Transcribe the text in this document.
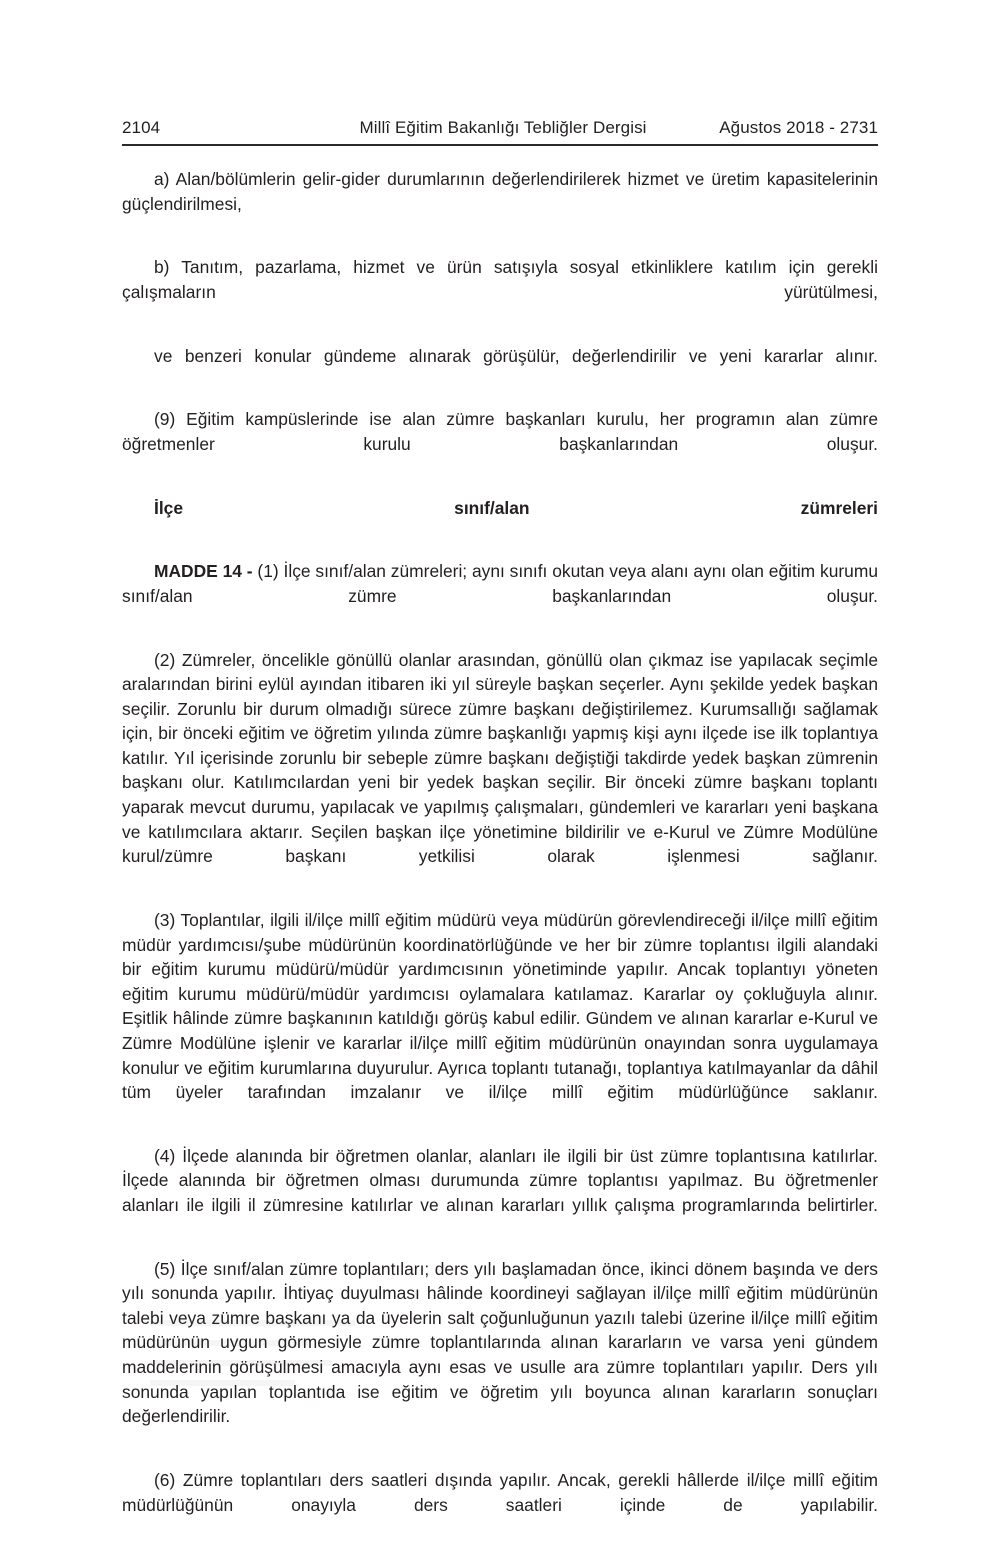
2104	Millî Eğitim Bakanlığı Tebliğler Dergisi	Ağustos 2018 - 2731

a) Alan/bölümlerin gelir-gider durumlarının değerlendirilerek hizmet ve üretim kapasitelerinin güçlendirilmesi,

b) Tanıtım, pazarlama, hizmet ve ürün satışıyla sosyal etkinliklere katılım için gerekli çalışmaların yürütülmesi,

ve benzeri konular gündeme alınarak görüşülür, değerlendirilir ve yeni kararlar alınır.

(9) Eğitim kampüslerinde ise alan zümre başkanları kurulu, her programın alan zümre öğretmenler kurulu başkanlarından oluşur.

İlçe sınıf/alan zümreleri

MADDE 14 - (1) İlçe sınıf/alan zümreleri; aynı sınıfı okutan veya alanı aynı olan eğitim kurumu sınıf/alan zümre başkanlarından oluşur.

(2) Zümreler, öncelikle gönüllü olanlar arasından, gönüllü olan çıkmaz ise yapılacak seçimle aralarından birini eylül ayından itibaren iki yıl süreyle başkan seçerler. Aynı şekilde yedek başkan seçilir. Zorunlu bir durum olmadığı sürece zümre başkanı değiştirilemez. Kurumsallığı sağlamak için, bir önceki eğitim ve öğretim yılında zümre başkanlığı yapmış kişi aynı ilçede ise ilk toplantıya katılır. Yıl içerisinde zorunlu bir sebeple zümre başkanı değiştiği takdirde yedek başkan zümrenin başkanı olur. Katılımcılardan yeni bir yedek başkan seçilir. Bir önceki zümre başkanı toplantı yaparak mevcut durumu, yapılacak ve yapılmış çalışmaları, gündemleri ve kararları yeni başkana ve katılımcılara aktarır. Seçilen başkan ilçe yönetimine bildirilir ve e-Kurul ve Zümre Modülüne kurul/zümre başkanı yetkilisi olarak işlenmesi sağlanır.

(3) Toplantılar, ilgili il/ilçe millî eğitim müdürü veya müdürün görevlendireceği il/ilçe millî eğitim müdür yardımcısı/şube müdürünün koordinatörlüğünde ve her bir zümre toplantısı ilgili alandaki bir eğitim kurumu müdürü/müdür yardımcısının yönetiminde yapılır. Ancak toplantıyı yöneten eğitim kurumu müdürü/müdür yardımcısı oylamalara katılamaz. Kararlar oy çokluğuyla alınır. Eşitlik hâlinde zümre başkanının katıldığı görüş kabul edilir. Gündem ve alınan kararlar e-Kurul ve Zümre Modülüne işlenir ve kararlar il/ilçe millî eğitim müdürünün onayından sonra uygulamaya konulur ve eğitim kurumlarına duyurulur. Ayrıca toplantı tutanağı, toplantıya katılmayanlar da dâhil tüm üyeler tarafından imzalanır ve il/ilçe millî eğitim müdürlüğünce saklanır.

(4) İlçede alanında bir öğretmen olanlar, alanları ile ilgili bir üst zümre toplantısına katılırlar. İlçede alanında bir öğretmen olması durumunda zümre toplantısı yapılmaz. Bu öğretmenler alanları ile ilgili il zümresine katılırlar ve alınan kararları yıllık çalışma programlarında belirtirler.

(5) İlçe sınıf/alan zümre toplantıları; ders yılı başlamadan önce, ikinci dönem başında ve ders yılı sonunda yapılır. İhtiyaç duyulması hâlinde koordineyi sağlayan il/ilçe millî eğitim müdürünün talebi veya zümre başkanı ya da üyelerin salt çoğunluğunun yazılı talebi üzerine il/ilçe millî eğitim müdürünün uygun görmesiyle zümre toplantılarında alınan kararların ve varsa yeni gündem maddelerinin görüşülmesi amacıyla aynı esas ve usulle ara zümre toplantıları yapılır. Ders yılı sonunda yapılan toplantıda ise eğitim ve öğretim yılı boyunca alınan kararların sonuçları değerlendirilir.

(6) Zümre toplantıları ders saatleri dışında yapılır. Ancak, gerekli hâllerde il/ilçe millî eğitim müdürlüğünün onayıyla ders saatleri içinde de yapılabilir.
